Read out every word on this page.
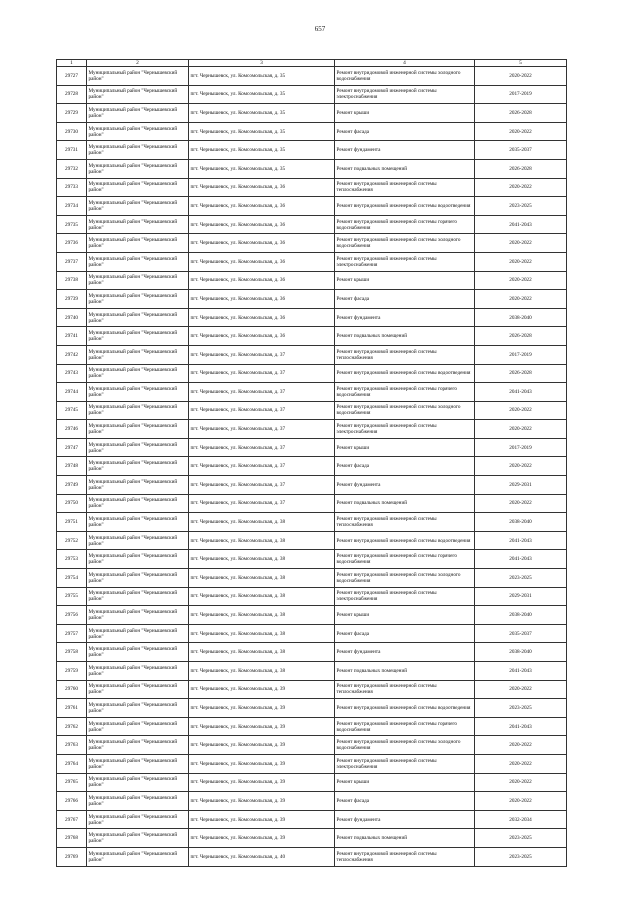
657
1	2	3	4	5
29727	Муниципальный район "Чернышевский район"	пгт. Чернышевск, ул. Комсомольская, д. 35	Ремонт внутридомовой инженерной системы холодного водоснабжения	2020-2022
29728	Муниципальный район "Чернышевский район"	пгт. Чернышевск, ул. Комсомольская, д. 35	Ремонт внутридомовой инженерной системы электроснабжения	2017-2019
29729	Муниципальный район "Чернышевский район"	пгт. Чернышевск, ул. Комсомольская, д. 35	Ремонт крыши	2026-2028
29730	Муниципальный район "Чернышевский район"	пгт. Чернышевск, ул. Комсомольская, д. 35	Ремонт фасада	2020-2022
29731	Муниципальный район "Чернышевский район"	пгт. Чернышевск, ул. Комсомольская, д. 35	Ремонт фундамента	2035-2037
29732	Муниципальный район "Чернышевский район"	пгт. Чернышевск, ул. Комсомольская, д. 35	Ремонт подвальных помещений	2026-2028
29733	Муниципальный район "Чернышевский район"	пгт. Чернышевск, ул. Комсомольская, д. 36	Ремонт внутридомовой инженерной системы теплоснабжения	2020-2022
29734	Муниципальный район "Чернышевский район"	пгт. Чернышевск, ул. Комсомольская, д. 36	Ремонт внутридомовой инженерной системы водоотведения	2023-2025
29735	Муниципальный район "Чернышевский район"	пгт. Чернышевск, ул. Комсомольская, д. 36	Ремонт внутридомовой инженерной системы горячего водоснабжения	2041-2043
29736	Муниципальный район "Чернышевский район"	пгт. Чернышевск, ул. Комсомольская, д. 36	Ремонт внутридомовой инженерной системы холодного водоснабжения	2020-2022
29737	Муниципальный район "Чернышевский район"	пгт. Чернышевск, ул. Комсомольская, д. 36	Ремонт внутридомовой инженерной системы электроснабжения	2020-2022
29738	Муниципальный район "Чернышевский район"	пгт. Чернышевск, ул. Комсомольская, д. 36	Ремонт крыши	2020-2022
29739	Муниципальный район "Чернышевский район"	пгт. Чернышевск, ул. Комсомольская, д. 36	Ремонт фасада	2020-2022
29740	Муниципальный район "Чернышевский район"	пгт. Чернышевск, ул. Комсомольская, д. 36	Ремонт фундамента	2038-2040
29741	Муниципальный район "Чернышевский район"	пгт. Чернышевск, ул. Комсомольская, д. 36	Ремонт подвальных помещений	2026-2028
29742	Муниципальный район "Чернышевский район"	пгт. Чернышевск, ул. Комсомольская, д. 37	Ремонт внутридомовой инженерной системы теплоснабжения	2017-2019
29743	Муниципальный район "Чернышевский район"	пгт. Чернышевск, ул. Комсомольская, д. 37	Ремонт внутридомовой инженерной системы водоотведения	2026-2028
29744	Муниципальный район "Чернышевский район"	пгт. Чернышевск, ул. Комсомольская, д. 37	Ремонт внутридомовой инженерной системы горячего водоснабжения	2041-2043
29745	Муниципальный район "Чернышевский район"	пгт. Чернышевск, ул. Комсомольская, д. 37	Ремонт внутридомовой инженерной системы холодного водоснабжения	2020-2022
29746	Муниципальный район "Чернышевский район"	пгт. Чернышевск, ул. Комсомольская, д. 37	Ремонт внутридомовой инженерной системы электроснабжения	2020-2022
29747	Муниципальный район "Чернышевский район"	пгт. Чернышевск, ул. Комсомольская, д. 37	Ремонт крыши	2017-2019
29748	Муниципальный район "Чернышевский район"	пгт. Чернышевск, ул. Комсомольская, д. 37	Ремонт фасада	2020-2022
29749	Муниципальный район "Чернышевский район"	пгт. Чернышевск, ул. Комсомольская, д. 37	Ремонт фундамента	2029-2031
29750	Муниципальный район "Чернышевский район"	пгт. Чернышевск, ул. Комсомольская, д. 37	Ремонт подвальных помещений	2020-2022
29751	Муниципальный район "Чернышевский район"	пгт. Чернышевск, ул. Комсомольская, д. 38	Ремонт внутридомовой инженерной системы теплоснабжения	2038-2040
29752	Муниципальный район "Чернышевский район"	пгт. Чернышевск, ул. Комсомольская, д. 38	Ремонт внутридомовой инженерной системы водоотведения	2041-2043
29753	Муниципальный район "Чернышевский район"	пгт. Чернышевск, ул. Комсомольская, д. 38	Ремонт внутридомовой инженерной системы горячего водоснабжения	2041-2043
29754	Муниципальный район "Чернышевский район"	пгт. Чернышевск, ул. Комсомольская, д. 38	Ремонт внутридомовой инженерной системы холодного водоснабжения	2023-2025
29755	Муниципальный район "Чернышевский район"	пгт. Чернышевск, ул. Комсомольская, д. 38	Ремонт внутридомовой инженерной системы электроснабжения	2029-2031
29756	Муниципальный район "Чернышевский район"	пгт. Чернышевск, ул. Комсомольская, д. 38	Ремонт крыши	2038-2040
29757	Муниципальный район "Чернышевский район"	пгт. Чернышевск, ул. Комсомольская, д. 38	Ремонт фасада	2035-2037
29758	Муниципальный район "Чернышевский район"	пгт. Чернышевск, ул. Комсомольская, д. 38	Ремонт фундамента	2038-2040
29759	Муниципальный район "Чернышевский район"	пгт. Чернышевск, ул. Комсомольская, д. 38	Ремонт подвальных помещений	2041-2043
29760	Муниципальный район "Чернышевский район"	пгт. Чернышевск, ул. Комсомольская, д. 39	Ремонт внутридомовой инженерной системы теплоснабжения	2020-2022
29761	Муниципальный район "Чернышевский район"	пгт. Чернышевск, ул. Комсомольская, д. 39	Ремонт внутридомовой инженерной системы водоотведения	2023-2025
29762	Муниципальный район "Чернышевский район"	пгт. Чернышевск, ул. Комсомольская, д. 39	Ремонт внутридомовой инженерной системы горячего водоснабжения	2041-2043
29763	Муниципальный район "Чернышевский район"	пгт. Чернышевск, ул. Комсомольская, д. 39	Ремонт внутридомовой инженерной системы холодного водоснабжения	2020-2022
29764	Муниципальный район "Чернышевский район"	пгт. Чернышевск, ул. Комсомольская, д. 39	Ремонт внутридомовой инженерной системы электроснабжения	2020-2022
29765	Муниципальный район "Чернышевский район"	пгт. Чернышевск, ул. Комсомольская, д. 39	Ремонт крыши	2020-2022
29766	Муниципальный район "Чернышевский район"	пгт. Чернышевск, ул. Комсомольская, д. 39	Ремонт фасада	2020-2022
29767	Муниципальный район "Чернышевский район"	пгт. Чернышевск, ул. Комсомольская, д. 39	Ремонт фундамента	2032-2034
29768	Муниципальный район "Чернышевский район"	пгт. Чернышевск, ул. Комсомольская, д. 39	Ремонт подвальных помещений	2023-2025
29769	Муниципальный район "Чернышевский район"	пгт. Чернышевск, ул. Комсомольская, д. 40	Ремонт внутридомовой инженерной системы теплоснабжения	2023-2025
